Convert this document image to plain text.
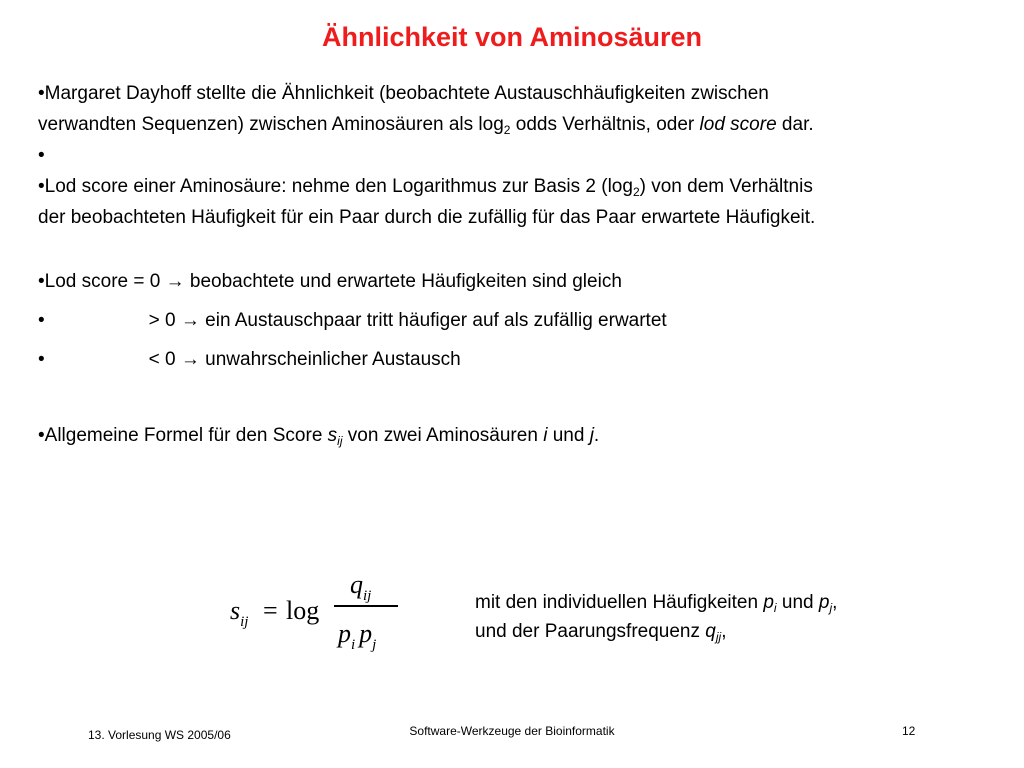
Ähnlichkeit von Aminosäuren

•Margaret Dayhoff stellte die Ähnlichkeit (beobachtete Austauschhäufigkeiten zwischen
verwandten Sequenzen) zwischen Aminosäuren als $\log_2$ odds Verhältnis, oder lod score dar.

•

•Lod score einer Aminosäure: nehme den Logarithmus zur Basis 2 $(\log_2)$ von dem Verhältnis
der beobachteten Häufigkeit für ein Paar durch die zufällig für das Paar erwartete Häufigkeit.

•Lod score = 0 → beobachtete und erwartete Häufigkeiten sind gleich

•	> 0 → ein Austauschpaar tritt häufiger auf als zufällig erwartet

•	< 0 → unwahrscheinlicher Austausch

•Allgemeine Formel für den Score $s_{ij}$ von zwei Aminosäuren i und j.

$s_{ij} = \log$
$q_{ij}$
$p_i$ $p_j$
mit den individuellen Häufigkeiten $p_i$ und $p_j$,
und der Paarungsfrequenz $q_{jj}$,
13. Vorlesung WS 2005/06	Software-Werkzeuge der Bioinformatik	12
